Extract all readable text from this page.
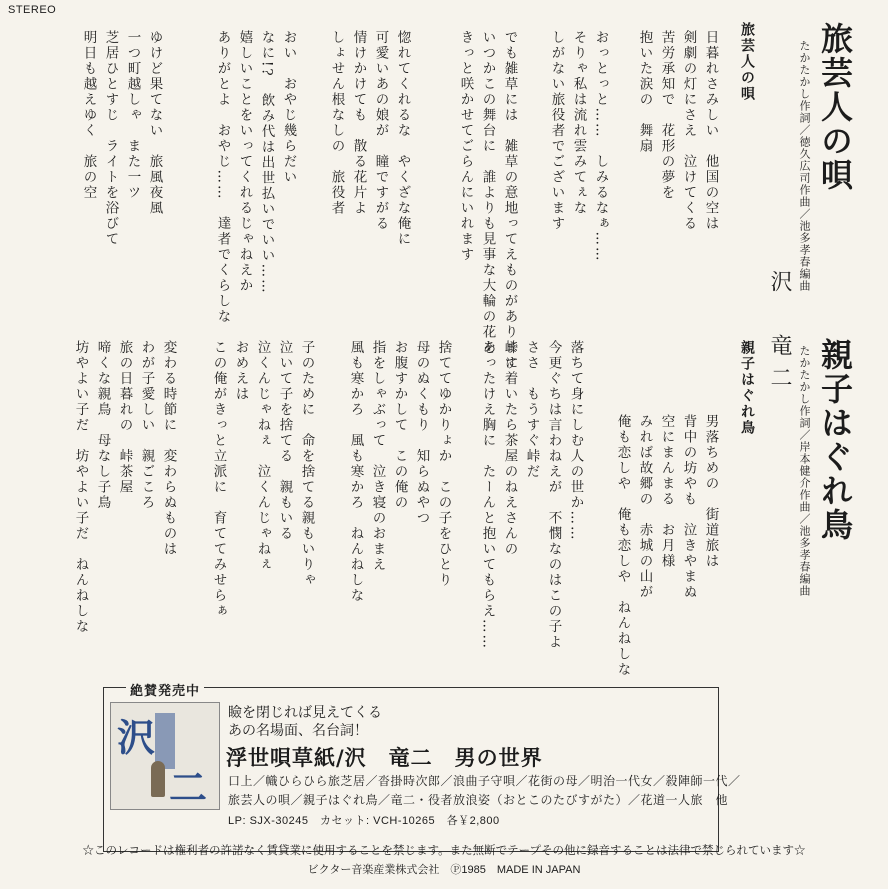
STEREO
旅芸人の唄
たかたかし作詞／徳久広司作曲／池多孝春編曲
旅芸人の唄
日暮れさみしい　他国の空は
剣劇の灯にさえ　泣けてくる
苦労承知で　花形の夢を
抱いた涙の　舞扇
おっとっと……　しみるなぁ……
そりゃ私は流れ雲みてぇな
しがない旅役者でございます
でも雑草には　雑草の意地ってえものがあります
いつかこの舞台に　誰よりも見事な大輪の花を
きっと咲かせてごらんにいれます
惚れてくれるな　やくざな俺に
可愛いあの娘が　瞳ですがる
情けかけても　散る花片よ
しょせん根なしの　旅役者
おい　おやじ幾らだい
なに!?　飲み代は出世払いでいい……
嬉しいことをいってくれるじゃねえか
ありがとよ　おやじ……　達者でくらしな
ゆけど果てない　旅風夜風
一つ町越しゃ　また一ツ
芝居ひとすじ　ライトを浴びて
明日も越えゆく　旅の空
沢　竜二
親子はぐれ鳥
たかたかし作詞／岸本健介作曲／池多孝春編曲
親子はぐれ鳥
男落ちめの　街道旅は
背中の坊やも　泣きやまぬ
空にまんまる　お月様
みれば故郷の　赤城の山が
俺も恋しや　俺も恋しや　ねんねしな
落ちて身にしむ人の世か……
今更ぐちは言わねえが　不憫なのはこの子よ
ささ　もうすぐ峠だ
峠に着いたら茶屋のねえさんの
あったけえ胸に　たーんと抱いてもらえ……
捨ててゆかりょか　この子をひとり
母のぬくもり　知らぬやつ
お腹すかして　この俺の
指をしゃぶって　泣き寝のおまえ
風も寒かろ　風も寒かろ　ねんねしな
子のために　命を捨てる親もいりゃ
泣いて子を捨てる　親もいる
泣くんじゃねぇ　泣くんじゃねぇ
おめえは
この俺がきっと立派に　育ててみせらぁ
変わる時節に　変わらぬものは
わが子愛しい　親ごころ
旅の日暮れの　峠茶屋
啼くな親鳥　母なし子鳥
坊やよい子だ　坊やよい子だ　ねんねしな
絶賛発売中
沢
二
瞼を閉じれば見えてくる
あの名場面、名台詞！
浮世唄草紙/沢　竜二　男の世界
口上／幟ひらひら旅芝居／沓掛時次郎／浪曲子守唄／花街の母／明治一代女／殺陣師一代／
旅芸人の唄／親子はぐれ鳥／竜二・役者放浪姿（おとこのたびすがた）／花道一人旅　他
LP: SJX-30245　カセット: VCH-10265　各￥2,800
☆このレコードは権利者の許諾なく賃貸業に使用することを禁じます。また無断でテープその他に録音することは法律で禁じられています☆
ビクター音楽産業株式会社　Ⓟ1985　MADE IN JAPAN
